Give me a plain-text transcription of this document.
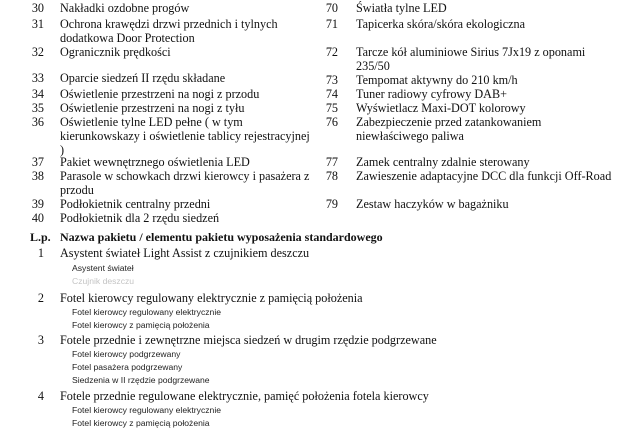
30 Nakładki ozdobne progów
31 Ochrona krawędzi drzwi przednich i tylnych
dodatkowa Door Protection
32 Ogranicznik prędkości
33 Oparcie siedzeń II rzędu składane
34 Oświetlenie przestrzeni na nogi z przodu
35 Oświetlenie przestrzeni na nogi z tyłu
36 Oświetlenie tylne LED pełne ( w tym
kierunkowskazy i oświetlenie tablicy rejestracyjnej
)
37 Pakiet wewnętrznego oświetlenia LED
38 Parasole w schowkach drzwi kierowcy i pasażera z
przodu
39 Podłokietnik centralny przedni
40 Podłokietnik dla 2 rzędu siedzeń
70 Światła tylne LED
71 Tapicerka skóra/skóra ekologiczna
72 Tarcze kół aluminiowe Sirius 7Jx19 z oponami
235/50
73 Tempomat aktywny do 210 km/h
74 Tuner radiowy cyfrowy DAB+
75 Wyświetlacz Maxi-DOT kolorowy
76 Zabezpieczenie przed zatankowaniem
niewłaściwego paliwa
77 Zamek centralny zdalnie sterowany
78 Zawieszenie adaptacyjne DCC dla funkcji Off-Road
79 Zestaw haczyków w bagażniku
L.p. Nazwa pakietu / elementu pakietu wyposażenia standardowego
1 Asystent świateł Light Assist z czujnikiem deszczu
Asystent świateł
Czujnik deszczu
2 Fotel kierowcy regulowany elektrycznie z pamięcią położenia
Fotel kierowcy regulowany elektrycznie
Fotel kierowcy z pamięcią położenia
3 Fotele przednie i zewnętrzne miejsca siedzeń w drugim rzędzie podgrzewane
Fotel kierowcy podgrzewany
Fotel pasażera podgrzewany
Siedzenia w II rzędzie podgrzewane
4 Fotele przednie regulowane elektrycznie, pamięć położenia fotela kierowcy
Fotel kierowcy regulowany elektrycznie
Fotel kierowcy z pamięcią położenia
